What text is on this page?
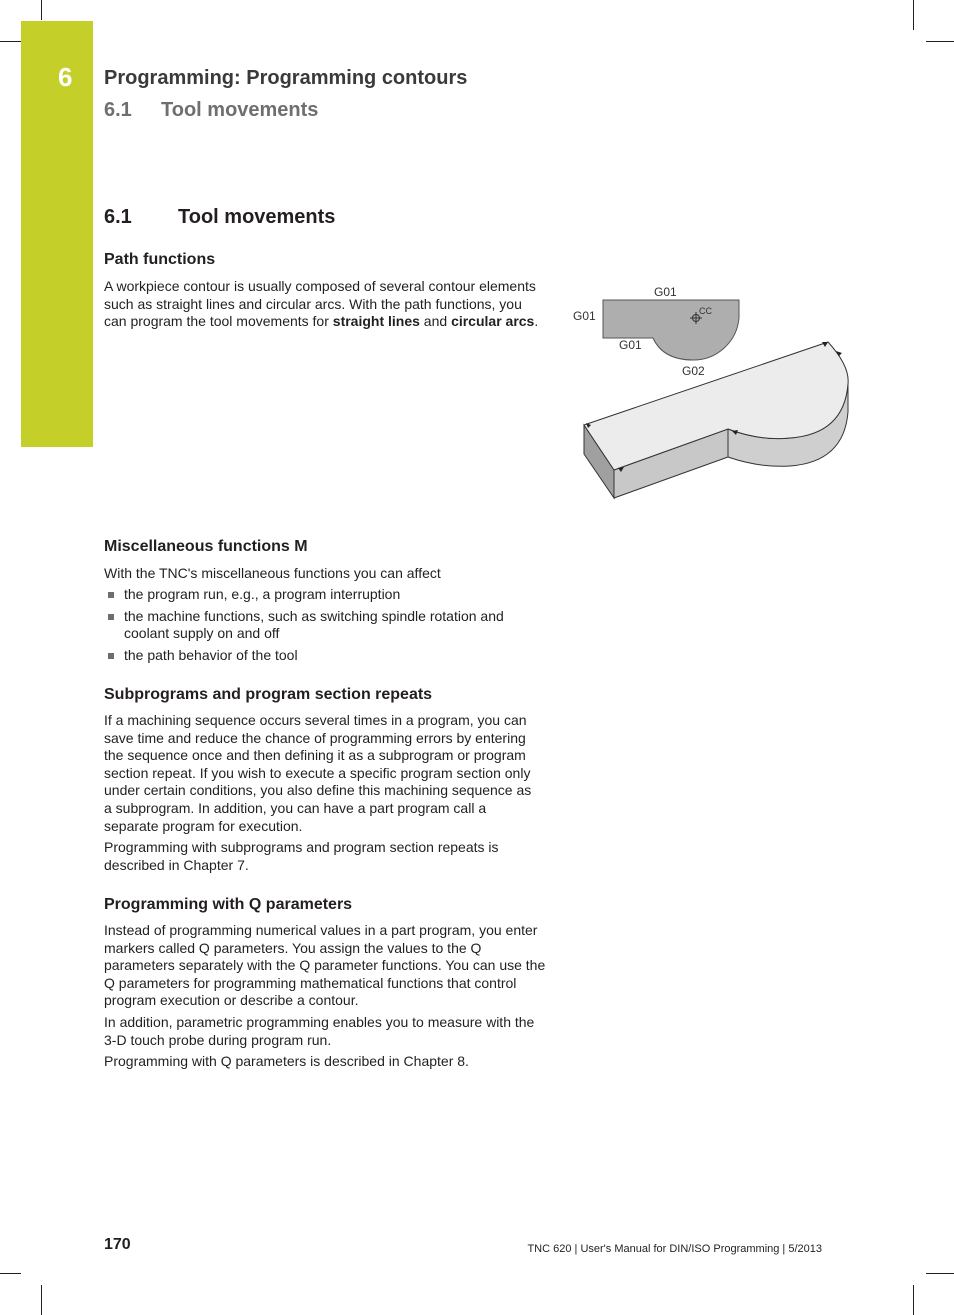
6 Programming: Programming contours
6.1 Tool movements
6.1 Tool movements
Path functions

A workpiece contour is usually composed of several contour elements such as straight lines and circular arcs. With the path functions, you can program the tool movements for straight lines and circular arcs.

G01
G01
G01
G02
CC
Miscellaneous functions M

With the TNC's miscellaneous functions you can affect

the program run, e.g., a program interruption
the machine functions, such as switching spindle rotation and coolant supply on and off
the path behavior of the tool
Subprograms and program section repeats

If a machining sequence occurs several times in a program, you can save time and reduce the chance of programming errors by entering the sequence once and then defining it as a subprogram or program section repeat. If you wish to execute a specific program section only under certain conditions, you also define this machining sequence as a subprogram. In addition, you can have a part program call a separate program for execution.

Programming with subprograms and program section repeats is described in Chapter 7.

Programming with Q parameters

Instead of programming numerical values in a part program, you enter markers called Q parameters. You assign the values to the Q parameters separately with the Q parameter functions. You can use the Q parameters for programming mathematical functions that control program execution or describe a contour.

In addition, parametric programming enables you to measure with the 3-D touch probe during program run.

Programming with Q parameters is described in Chapter 8.

170	TNC 620 | User's Manual for DIN/ISO Programming | 5/2013
